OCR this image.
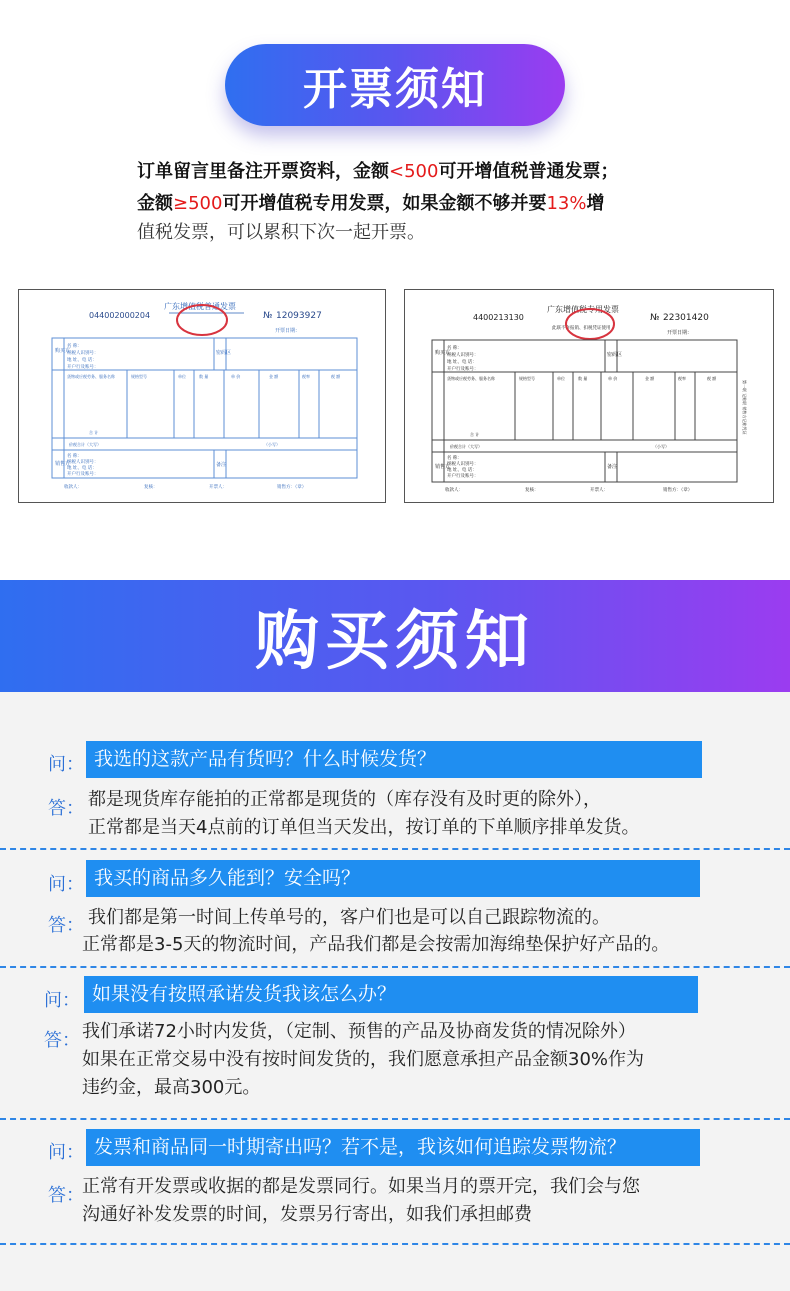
开票须知
订单留言里备注开票资料，金额<500可开增值税普通发票；
金额≥500可开增值税专用发票，如果金额不够并要13%增
值税发票，可以累积下次一起开票。
044002000204
广东增值税普通发票
№ 12093927
开票日期：
购买方
名 称：
纳税人识别号：
地 址、电 话：
开户行及账号：
密码区
货物或应税劳务、服务名称	规格型号	单位	数 量	单 价	金 额	税率	税 额
合 计
价税合计（大写）	（小写）
销售方
名 称：
纳税人识别号：
地 址、电 话：
开户行及账号：
备注
收款人：	复核：	开票人：	销售方：（章）
4400213130
广东增值税专用发票
此联不作报销、扣税凭证使用
№ 22301420
开票日期：
购买方
名 称：
纳税人识别号：
地 址、电 话：
开户行及账号：
密码区
货物或应税劳务、服务名称	规格型号	单位	数 量	单 价	金 额	税率	税 额
合 计
价税合计（大写）	（小写）
销售方
名 称：
纳税人识别号：
地 址、电 话：
开户行及账号：
备注
第一联 记账联 销售方记账凭证
收款人：	复核：	开票人：	销售方：（章）
购买须知
问： 我选的这款产品有货吗？什么时候发货？
答： 都是现货库存能拍的正常都是现货的（库存没有及时更的除外），
正常都是当天4点前的订单但当天发出，按订单的下单顺序排单发货。
问： 我买的商品多久能到？安全吗？
答： 我们都是第一时间上传单号的，客户们也是可以自己跟踪物流的。
正常都是3-5天的物流时间，产品我们都是会按需加海绵垫保护好产品的。
问： 如果没有按照承诺发货我该怎么办？
答： 我们承诺72小时内发货，（定制、预售的产品及协商发货的情况除外）
如果在正常交易中没有按时间发货的，我们愿意承担产品金额30%作为
违约金，最高300元。
问： 发票和商品同一时期寄出吗？若不是，我该如何追踪发票物流？
答：
正常有开发票或收据的都是发票同行。如果当月的票开完，我们会与您
沟通好补发发票的时间，发票另行寄出，如我们承担邮费
